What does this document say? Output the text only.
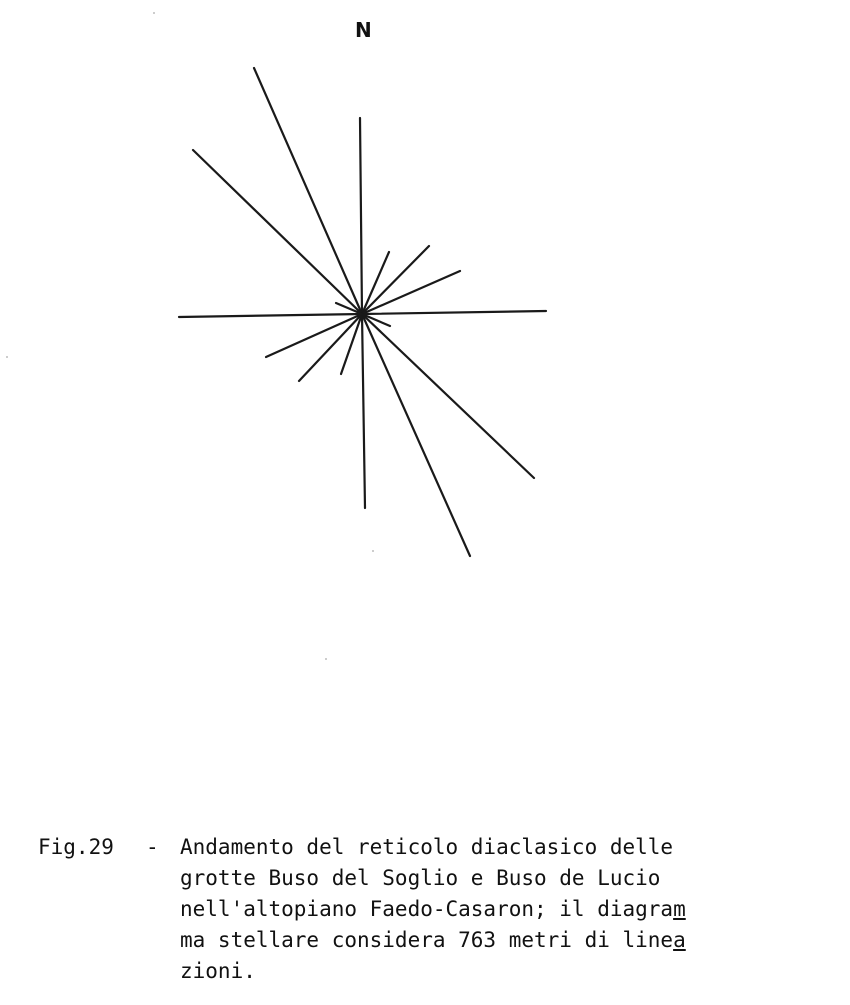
N
Fig.29 - Andamento del reticolo diaclasico delle
grotte Buso del Soglio e Buso de Lucio
nell'altopiano Faedo-Casaron; il diagram
ma stellare considera 763 metri di linea
zioni.
